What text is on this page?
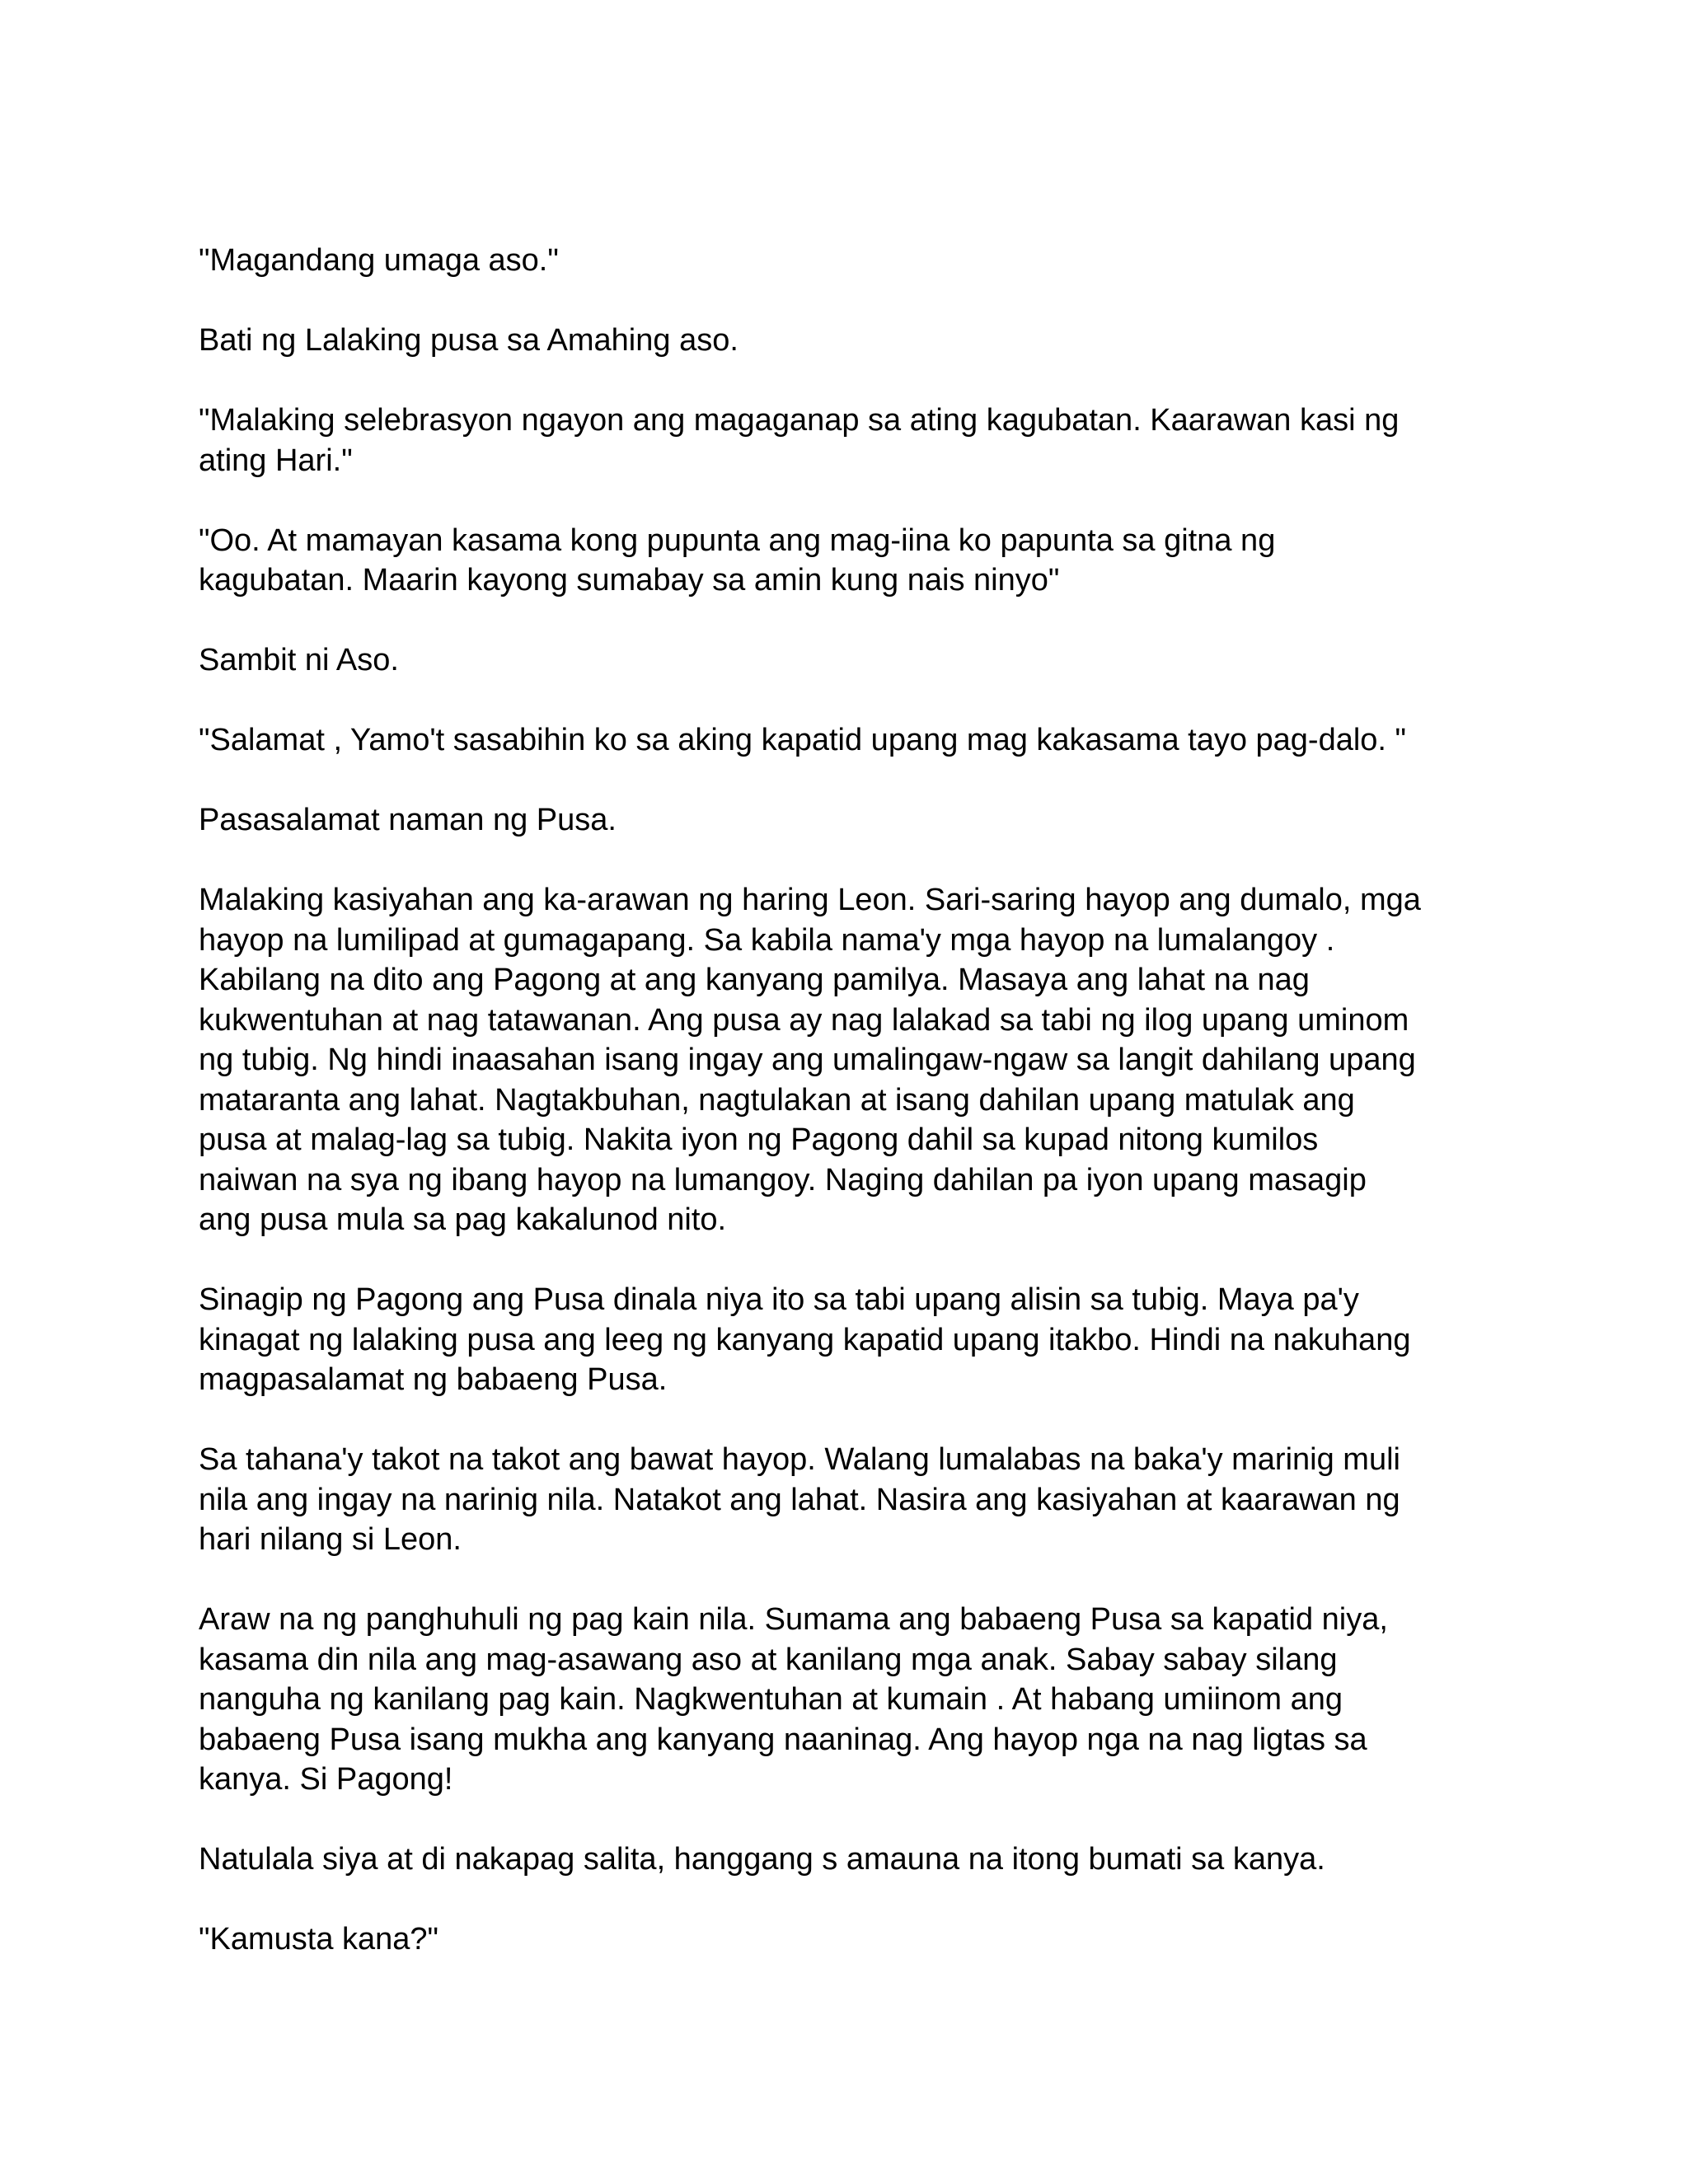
"Magandang umaga aso."

Bati ng Lalaking pusa sa Amahing aso.

"Malaking selebrasyon ngayon ang magaganap sa ating kagubatan. Kaarawan kasi ng
ating Hari."

"Oo. At mamayan kasama kong pupunta ang mag-iina ko papunta sa gitna ng
kagubatan. Maarin kayong sumabay sa amin kung nais ninyo"

Sambit ni Aso.

"Salamat , Yamo't sasabihin ko sa aking kapatid upang mag kakasama tayo pag-dalo. "

Pasasalamat naman ng Pusa.

Malaking kasiyahan ang ka-arawan ng haring Leon. Sari-saring hayop ang dumalo, mga
hayop na lumilipad at gumagapang. Sa kabila nama'y mga hayop na lumalangoy .
Kabilang na dito ang Pagong at ang kanyang pamilya. Masaya ang lahat na nag
kukwentuhan at nag tatawanan. Ang pusa ay nag lalakad sa tabi ng ilog upang uminom
ng tubig. Ng hindi inaasahan isang ingay ang umalingaw-ngaw sa langit dahilang upang
mataranta ang lahat. Nagtakbuhan, nagtulakan at isang dahilan upang matulak ang
pusa at malag-lag sa tubig. Nakita iyon ng Pagong dahil sa kupad nitong kumilos
naiwan na sya ng ibang hayop na lumangoy. Naging dahilan pa iyon upang masagip
ang pusa mula sa pag kakalunod nito.

Sinagip ng Pagong ang Pusa dinala niya ito sa tabi upang alisin sa tubig. Maya pa'y
kinagat ng lalaking pusa ang leeg ng kanyang kapatid upang itakbo. Hindi na nakuhang
magpasalamat ng babaeng Pusa.

Sa tahana'y takot na takot ang bawat hayop. Walang lumalabas na baka'y marinig muli
nila ang ingay na narinig nila. Natakot ang lahat. Nasira ang kasiyahan at kaarawan ng
hari nilang si Leon.

Araw na ng panghuhuli ng pag kain nila. Sumama ang babaeng Pusa sa kapatid niya,
kasama din nila ang mag-asawang aso at kanilang mga anak. Sabay sabay silang
nanguha ng kanilang pag kain. Nagkwentuhan at kumain . At habang umiinom ang
babaeng Pusa isang mukha ang kanyang naaninag. Ang hayop nga na nag ligtas sa
kanya. Si Pagong!

Natulala siya at di nakapag salita, hanggang s amauna na itong bumati sa kanya.

"Kamusta kana?"
